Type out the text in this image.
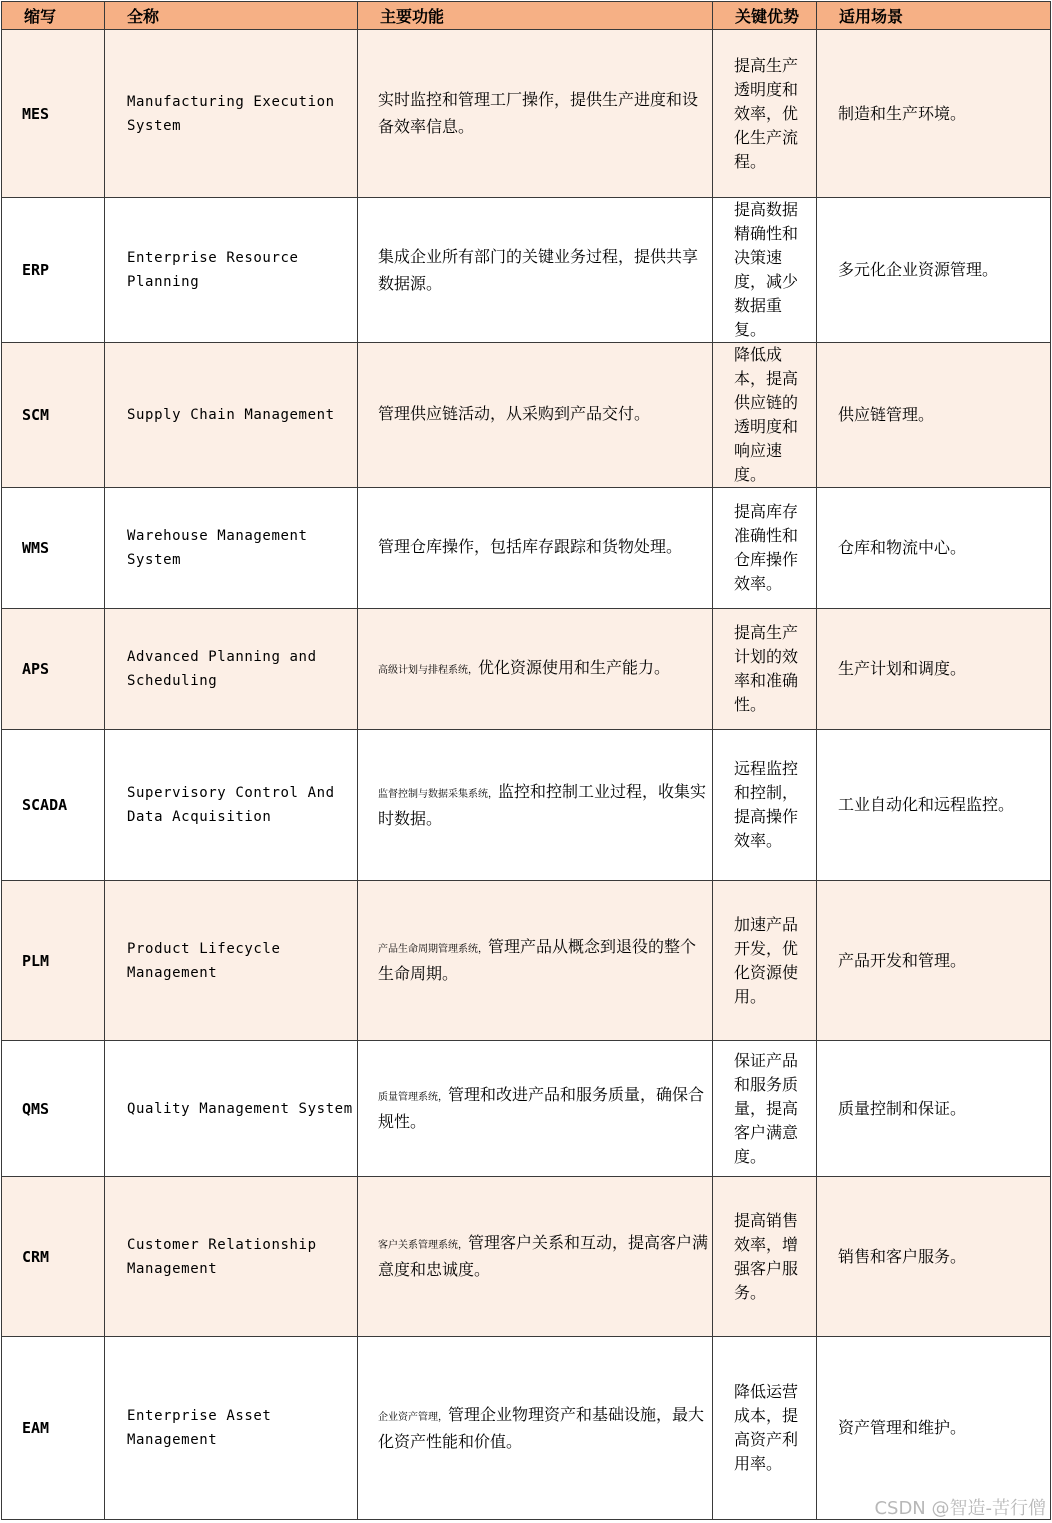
缩写	全称	主要功能	关键优势	适用场景
MES	Manufacturing Execution System	实时监控和管理工厂操作，提供生产进度和设备效率信息。	提高生产透明度和效率，优化生产流程。	制造和生产环境。
ERP	Enterprise Resource Planning	集成企业所有部门的关键业务过程，提供共享数据源。	提高数据精确性和决策速度，减少数据重复。	多元化企业资源管理。
SCM	Supply Chain Management	管理供应链活动，从采购到产品交付。	降低成本，提高供应链的透明度和响应速度。	供应链管理。
WMS	Warehouse Management System	管理仓库操作，包括库存跟踪和货物处理。	提高库存准确性和仓库操作效率。	仓库和物流中心。
APS	Advanced Planning and Scheduling	高级计划与排程系统，优化资源使用和生产能力。	提高生产计划的效率和准确性。	生产计划和调度。
SCADA	Supervisory Control And Data Acquisition	监督控制与数据采集系统，监控和控制工业过程，收集实时数据。	远程监控和控制，提高操作效率。	工业自动化和远程监控。
PLM	Product Lifecycle Management	产品生命周期管理系统，管理产品从概念到退役的整个生命周期。	加速产品开发，优化资源使用。	产品开发和管理。
QMS	Quality Management System	质量管理系统，管理和改进产品和服务质量，确保合规性。	保证产品和服务质量，提高客户满意度。	质量控制和保证。
CRM	Customer Relationship Management	客户关系管理系统，管理客户关系和互动，提高客户满意度和忠诚度。	提高销售效率，增强客户服务。	销售和客户服务。
EAM	Enterprise Asset Management	企业资产管理，管理企业物理资产和基础设施，最大化资产性能和价值。	降低运营成本，提高资产利用率。	资产管理和维护。
CSDN @智造-苦行僧
